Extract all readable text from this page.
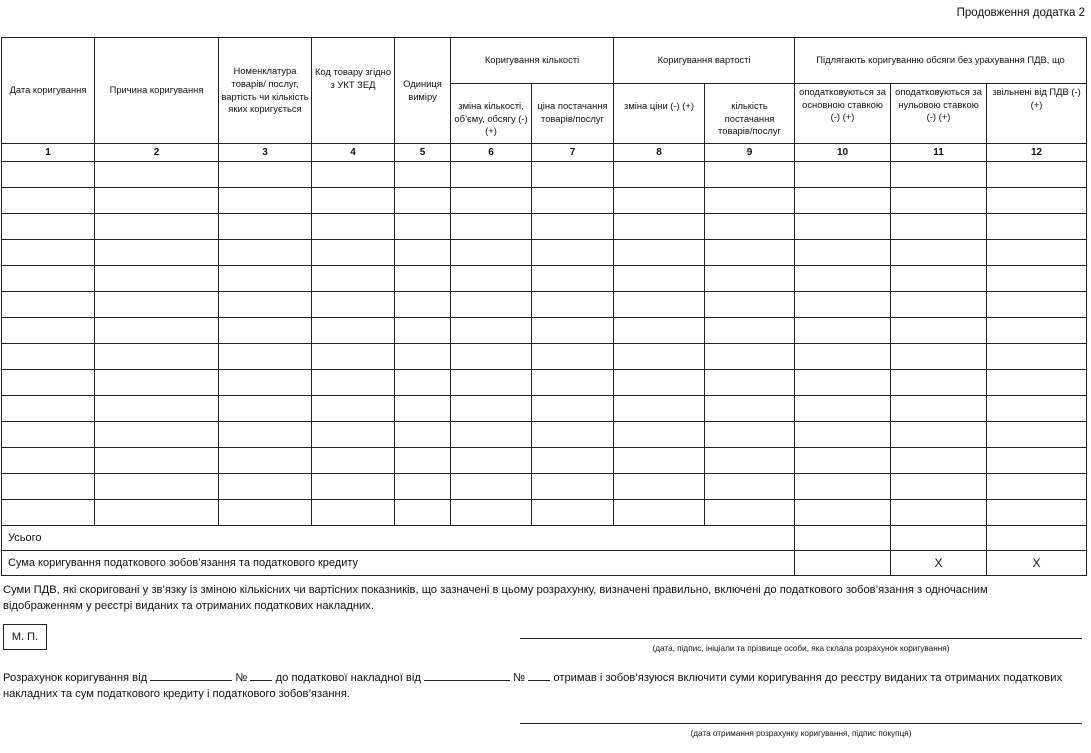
Продовження додатка 2
Дата коригування	Причина коригування	Номенклатура товарів/ послуг, вартість чи кількість яких коригується	Код товару згідно з УКТ ЗЕД	Одиниця виміру	Коригування кількості		Коригування вартості		Підлягають коригуванню обсяги без урахування ПДВ, що		
					зміна кількості, об’єму, обсягу (-) (+)	ціна постачання товарів/послуг	зміна ціни (-) (+)	кількість постачання товарів/послуг	оподатковуються за основною ставкою (-) (+)	оподатковуються за нульовою ставкою (-) (+)	звільнені від ПДВ (-) (+)
1	2	3	4	5	6	7	8	9	10	11	12

Усього											
Сума коригування податкового зобов’язання та податкового кредиту										Х	Х
Суми ПДВ, які скориговані у зв’язку із зміною кількісних чи вартісних показників, що зазначені в цьому розрахунку, визначені правильно, включені до податкового зобов’язання з одночасним відображенням у реєстрі виданих та отриманих податкових накладних.
М. П.
(дата, підпис, ініціали та прізвище особи, яка склала розрахунок коригування)
Розрахунок коригування від	№	до податкової накладної від	№	отримав і зобов’язуюся включити суми коригування до реєстру виданих та отриманих податкових накладних та сум податкового кредиту і податкового зобов’язання.
(дата отримання розрахунку коригування, підпис покупця)
